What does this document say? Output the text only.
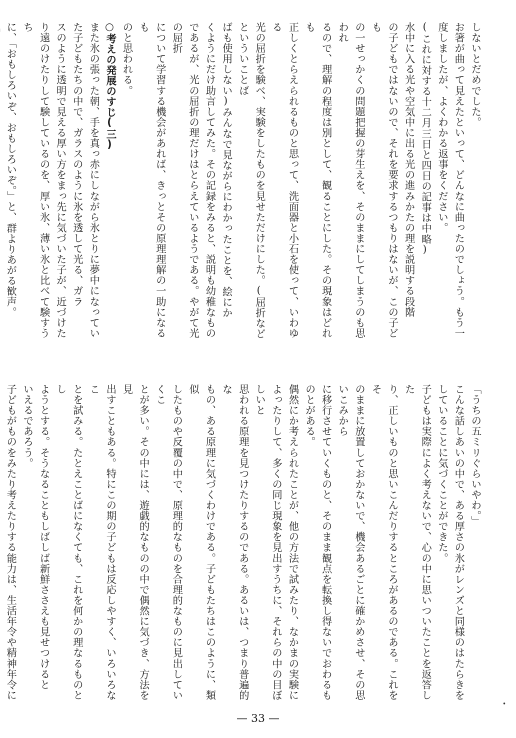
しないとだめでした。

お箸が曲って見えたといって、どんなに曲ったのでしょう。もう一

度しましたが、よくわかる返事をください。

(これに対する十二月三日と四日の記事は中略)

水中に入る光や空気中に出る光の進みかたの理を説明する段階

の子どもではないので、それを要求するつもりはないが、この子ども

の一せっかくの問題把握の芽生えを、そのままにしてしまうのも思われ

るので、理解の程度は別として、観ることにした。その現象はどれも

正しくとらえられるものと思って、洗面器と小石を使って、いわゆる

光の屈折を験べ、実験をしたものを見せただけにした。(屈折などといういことば

ばも使用しない)みんなで見ながらにわかったことを、絵にか

くようにだけ助言してみた。その記録をみると、説明も幼稚なもの

であるが、光の屈折の理だけはとらえているようである。やがて光の屈折

について学習する機会があれば、きっとその原理理解の一助になるも

のと思われる。

○考えの発展のすじ(三)

また氷の張った朝、手を真っ赤にしながら氷とりに夢中になってい

た子どもたちの中で、ガラスのように氷を透して光る、ガラ

スのように透明で見える厚い方をまっ先に気づいた子が、近づけた

り遠のけたりして験しているのを、厚い氷、薄い氷と比べて験すうち

に、「おもしろいぞ、おもしろいぞ。」と、群よりあがる歓声。

「うちの五ミリぐらいやわ。」

こんな話しあいの中で、ある厚さの氷がレンズと同様のはたらきを

していることに気づくことができた。

子どもは実際によく考えないで、心の中に思いついたことを返答した

り、正しいものと思いこんだりするところがあるのである。これをそ

のままに放置しておかないで、機会あるごとに確かめさせ、その思いこみから

に移行させていくものと、そのまま観点を転換し得ないでおわるものとがある。

偶然にか考えられたことが、他の方法で試みたり、なかまの実験に

よったりして、多くの同じ現象を見出すうちに、それらの中の目ぼしいと

思われる原理を見つけたりするのである。あるいは、つまり普遍的な

もの、ある原理に気づくわけである。子どもたちはこのように、類似

したものや反覆の中で、原理的なものを合理的なものに見出していくこ

とが多い。その中には、遊戯的なものの中で偶然に気づき、方法を見

出すこともある。特にこの期の子どもは反応しやすく、いろいろなこ

とを試みる。たとえことばになくても、これを何かの理なるものとし

ようとする。そうなることもしばしば新鮮ささえも見せつけると

いえるであろう。

子どもがものをみたり考えたりする能力は、生活年令や精神年令に

— 33 —
•
